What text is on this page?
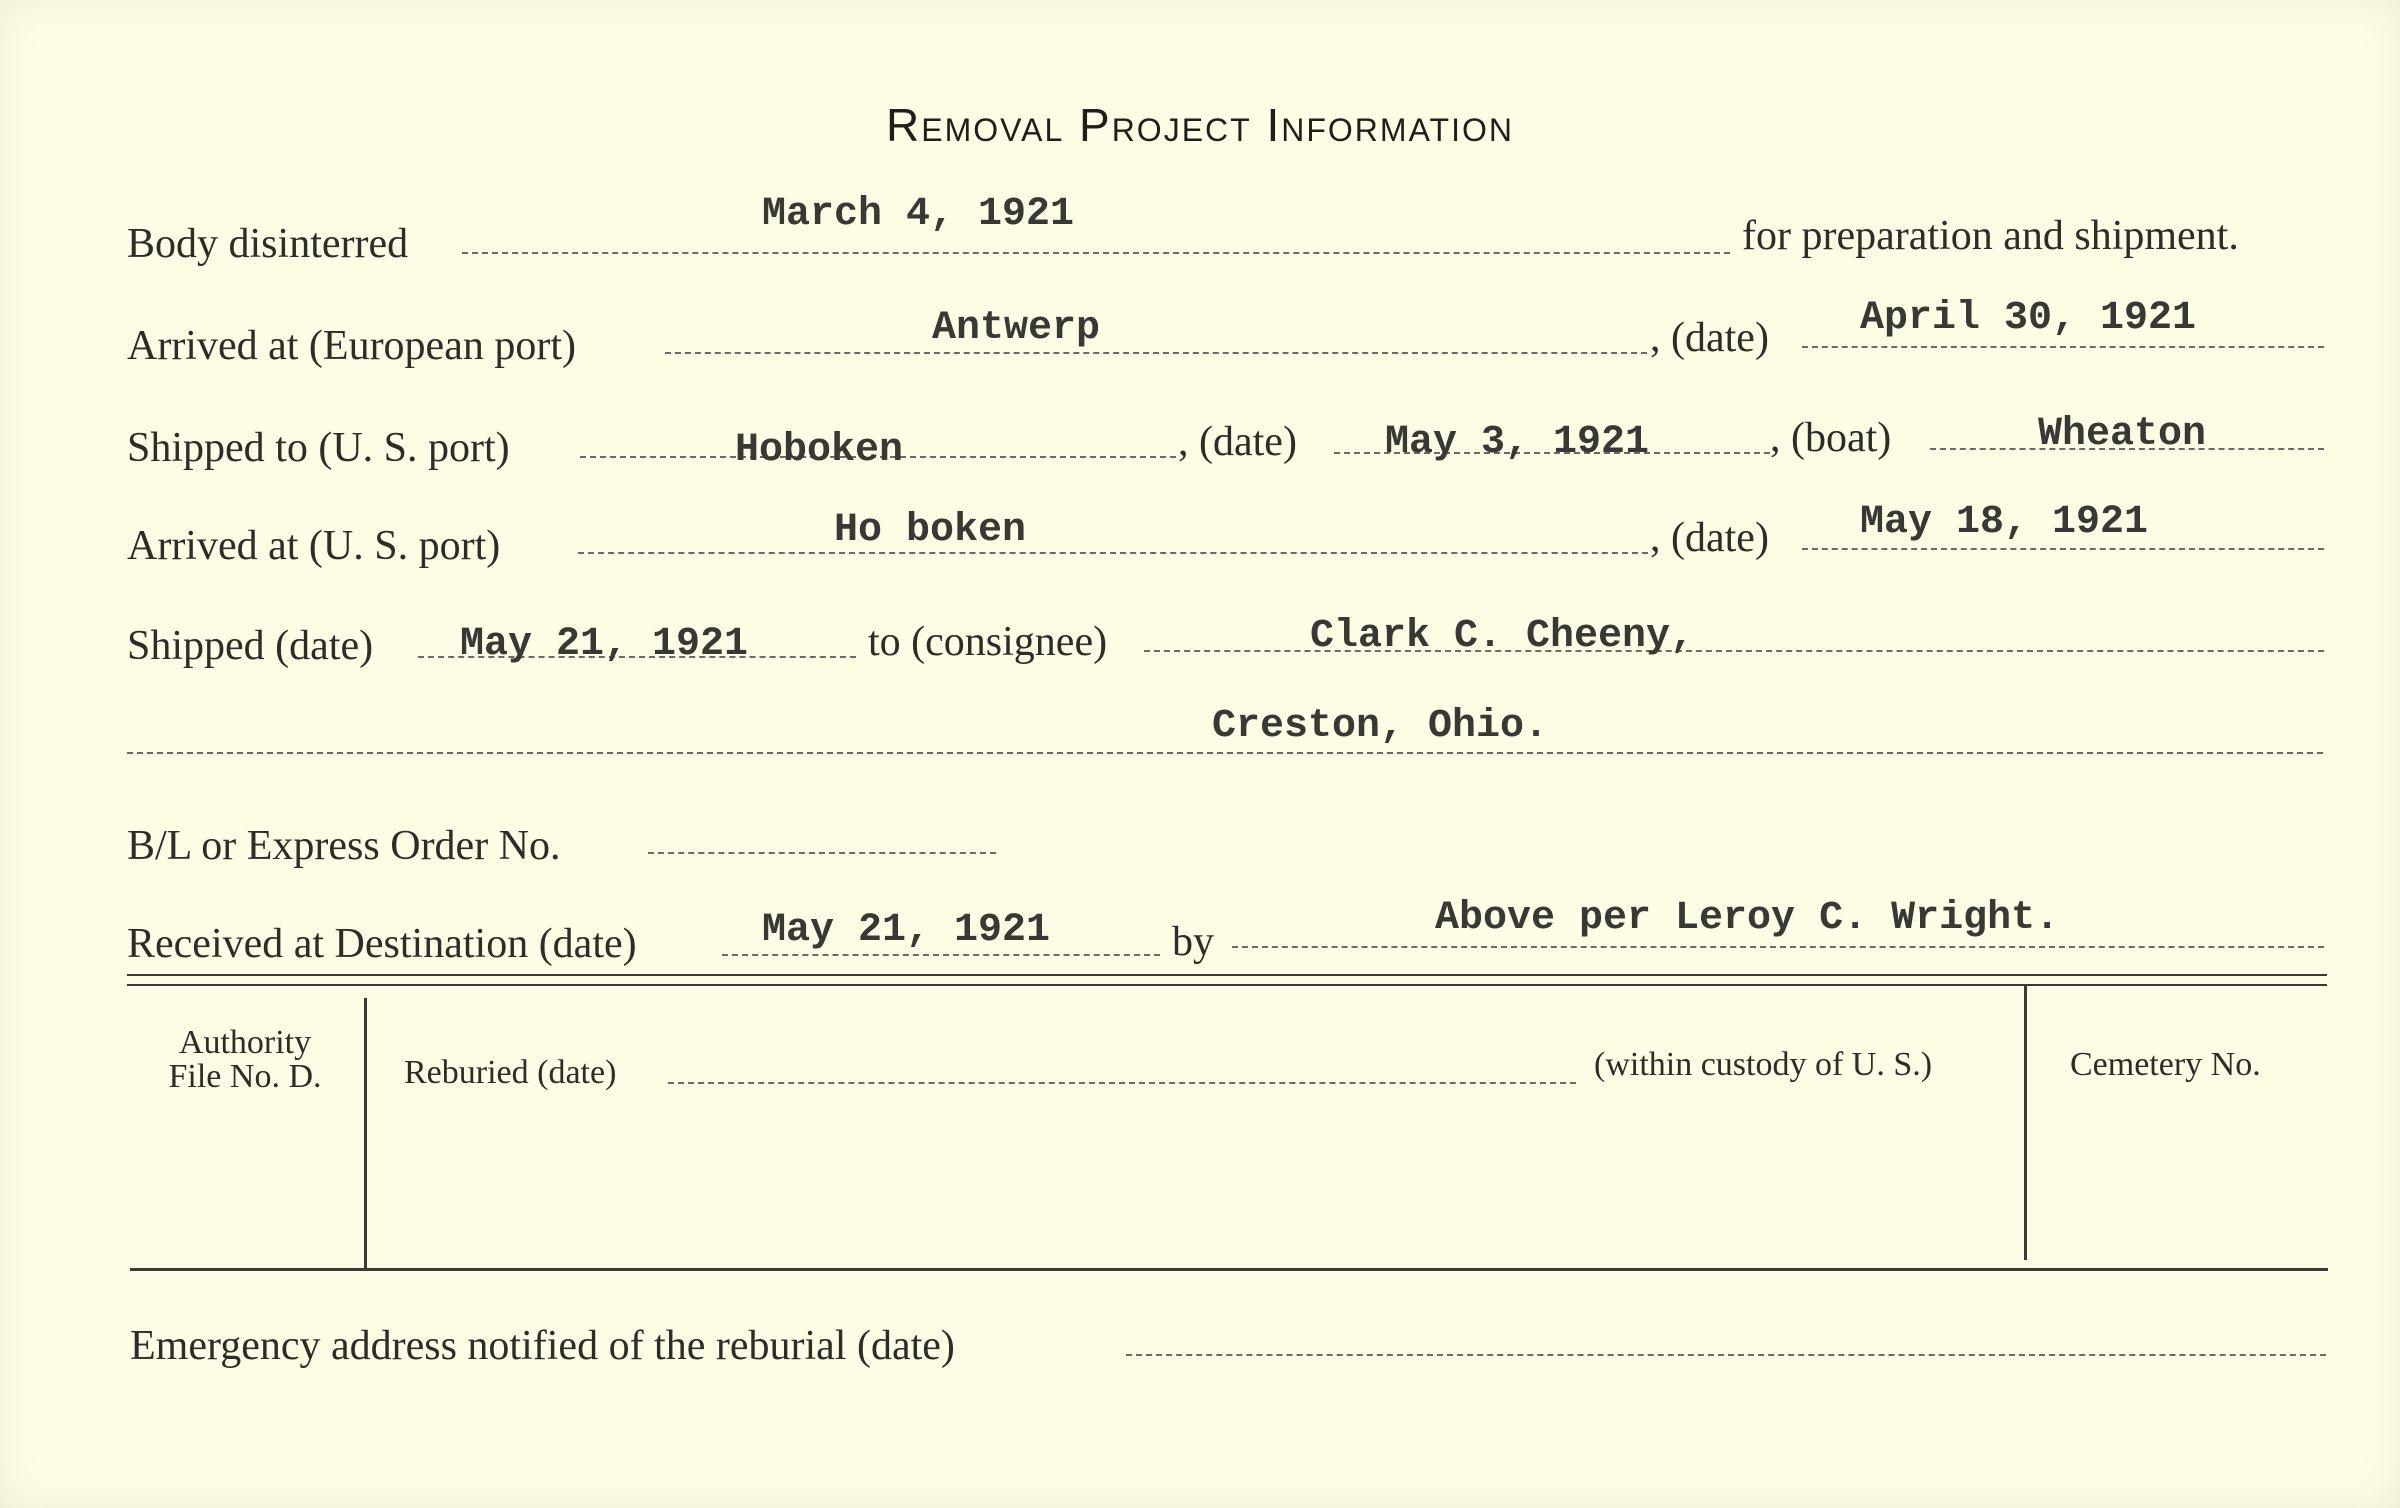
Removal Project Information
Body disinterred
March 4, 1921	for preparation and shipment.
Arrived at (European port)	Antwerp	, (date) April 30, 1921
Shipped to (U. S. port)	Hoboken	, (date) May 3, 1921	, (boat)	Wheaton
Arrived at (U. S. port)	Ho boken	, (date) May 18, 1921
Shipped (date) May 21, 1921	to (consignee)	Clark C. Cheeny,
Creston, Ohio.
B/L or Express Order No.
Received at Destination (date)	May 21, 1921	by
Above per Leroy C. Wright.
Authority
File No. D.	Reburied (date)	(within custody of U. S.)	Cemetery No.
Emergency address notified of the reburial (date)
